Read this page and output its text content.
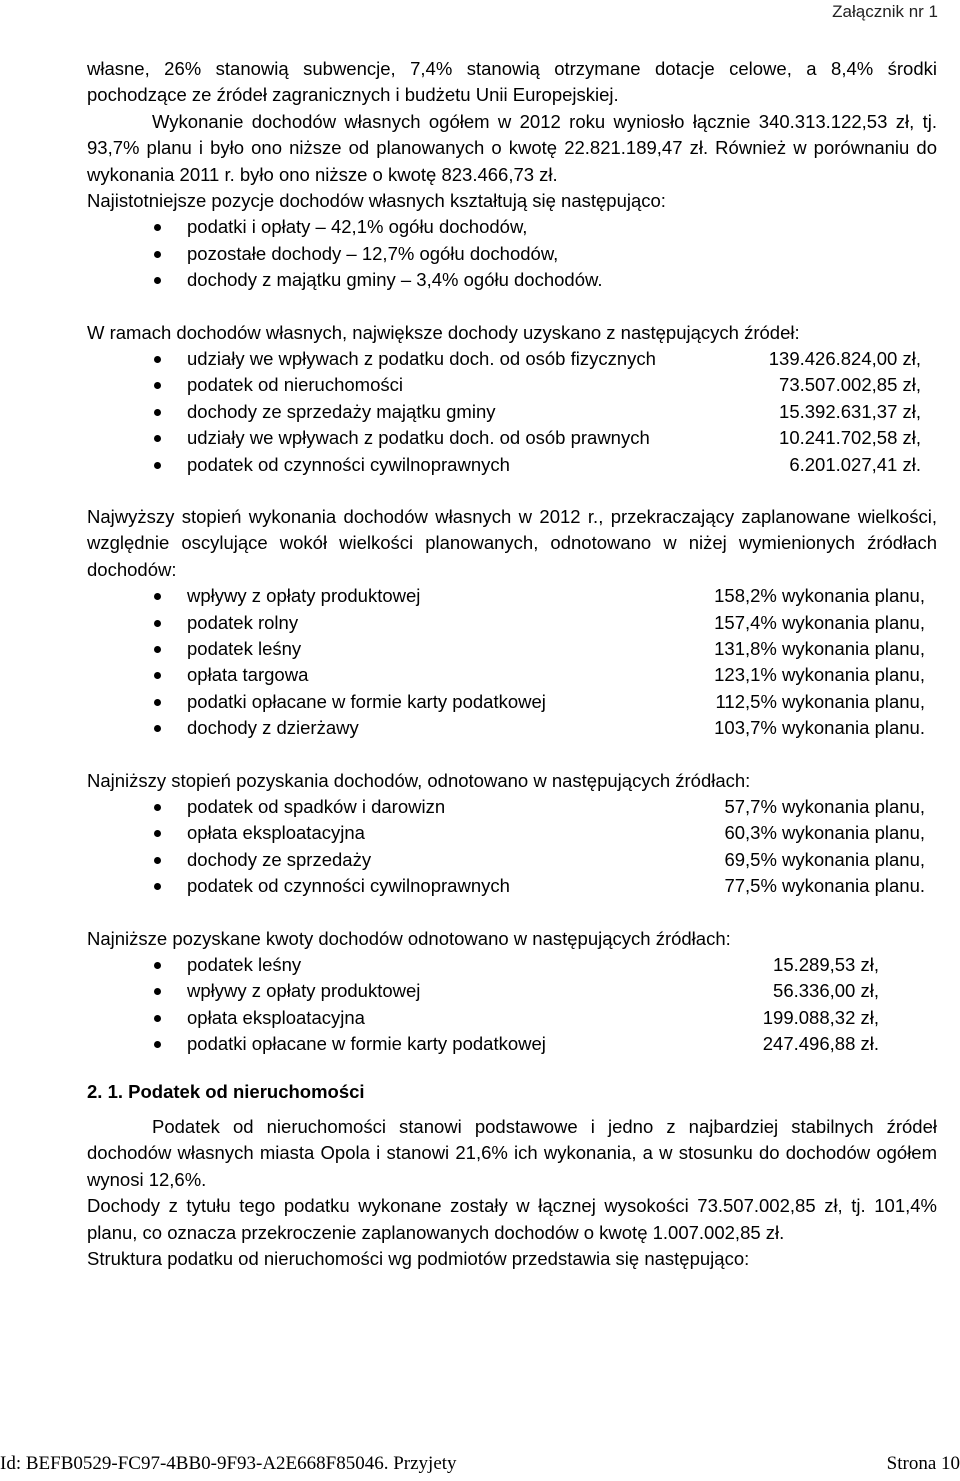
Załącznik nr 1

własne, 26% stanowią subwencje, 7,4% stanowią otrzymane dotacje celowe, a 8,4% środki pochodzące ze źródeł zagranicznych i budżetu Unii Europejskiej.

Wykonanie dochodów własnych ogółem w 2012 roku wyniosło łącznie 340.313.122,53 zł, tj. 93,7% planu i było ono niższe od planowanych o kwotę 22.821.189,47 zł. Również w porównaniu do wykonania 2011 r. było ono niższe o kwotę 823.466,73 zł.

Najistotniejsze pozycje dochodów własnych kształtują się następująco:

podatki i opłaty – 42,1% ogółu dochodów,
pozostałe dochody – 12,7% ogółu dochodów,
dochody z majątku gminy – 3,4% ogółu dochodów.

W ramach dochodów własnych, największe dochody uzyskano z następujących źródeł:

udziały we wpływach z podatku doch. od osób fizycznych	139.426.824,00 zł,
podatek od nieruchomości	73.507.002,85 zł,
dochody ze sprzedaży majątku gminy	15.392.631,37 zł,
udziały we wpływach z podatku doch. od osób prawnych	10.241.702,58 zł,
podatek od czynności cywilnoprawnych	6.201.027,41 zł.

Najwyższy stopień wykonania dochodów własnych w 2012 r., przekraczający zaplanowane wielkości, względnie oscylujące wokół wielkości planowanych, odnotowano w niżej wymienionych źródłach dochodów:

wpływy z opłaty produktowej	158,2% wykonania planu,
podatek rolny	157,4% wykonania planu,
podatek leśny	131,8% wykonania planu,
opłata targowa	123,1% wykonania planu,
podatki opłacane w formie karty podatkowej	112,5% wykonania planu,
dochody z dzierżawy	103,7% wykonania planu.

Najniższy stopień pozyskania dochodów, odnotowano w następujących źródłach:

podatek od spadków i darowizn	57,7% wykonania planu,
opłata eksploatacyjna	60,3% wykonania planu,
dochody ze sprzedaży	69,5% wykonania planu,
podatek od czynności cywilnoprawnych	77,5% wykonania planu.

Najniższe pozyskane kwoty dochodów odnotowano w następujących źródłach:

podatek leśny	15.289,53 zł,
wpływy z opłaty produktowej	56.336,00 zł,
opłata eksploatacyjna	199.088,32 zł,
podatki opłacane w formie karty podatkowej	247.496,88 zł.
2. 1. Podatek od nieruchomości

Podatek od nieruchomości stanowi podstawowe i jedno z najbardziej stabilnych źródeł dochodów własnych miasta Opola i stanowi 21,6% ich wykonania, a w stosunku do dochodów ogółem wynosi 12,6%.

Dochody z tytułu tego podatku wykonane zostały w łącznej wysokości 73.507.002,85 zł, tj. 101,4% planu, co oznacza przekroczenie zaplanowanych dochodów o kwotę 1.007.002,85 zł.

Struktura podatku od nieruchomości wg podmiotów przedstawia się następująco:

Id: BEFB0529-FC97-4BB0-9F93-A2E668F85046. Przyjety	Strona 10
